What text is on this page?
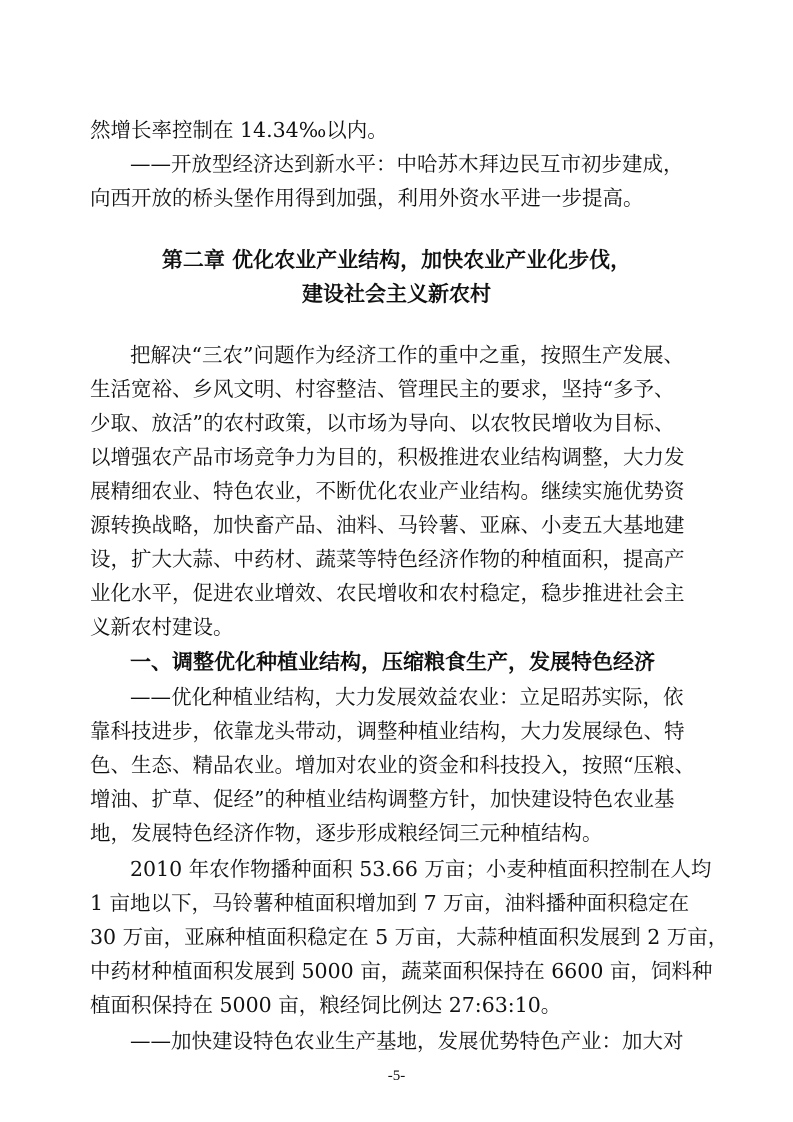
然增长率控制在 14.34‰以内。
——开放型经济达到新水平：中哈苏木拜边民互市初步建成，
向西开放的桥头堡作用得到加强，利用外资水平进一步提高。
第二章 优化农业产业结构，加快农业产业化步伐，
建设社会主义新农村
把解决“三农”问题作为经济工作的重中之重，按照生产发展、
生活宽裕、乡风文明、村容整洁、管理民主的要求，坚持“多予、
少取、放活”的农村政策，以市场为导向、以农牧民增收为目标、
以增强农产品市场竞争力为目的，积极推进农业结构调整，大力发
展精细农业、特色农业，不断优化农业产业结构。继续实施优势资
源转换战略，加快畜产品、油料、马铃薯、亚麻、小麦五大基地建
设，扩大大蒜、中药材、蔬菜等特色经济作物的种植面积，提高产
业化水平，促进农业增效、农民增收和农村稳定，稳步推进社会主
义新农村建设。
一、调整优化种植业结构，压缩粮食生产，发展特色经济
——优化种植业结构，大力发展效益农业：立足昭苏实际，依
靠科技进步，依靠龙头带动，调整种植业结构，大力发展绿色、特
色、生态、精品农业。增加对农业的资金和科技投入，按照“压粮、
增油、扩草、促经”的种植业结构调整方针，加快建设特色农业基
地，发展特色经济作物，逐步形成粮经饲三元种植结构。
2010 年农作物播种面积 53.66 万亩；小麦种植面积控制在人均
1 亩地以下，马铃薯种植面积增加到 7 万亩，油料播种面积稳定在
30 万亩，亚麻种植面积稳定在 5 万亩，大蒜种植面积发展到 2 万亩，
中药材种植面积发展到 5000 亩，蔬菜面积保持在 6600 亩，饲料种
植面积保持在 5000 亩，粮经饲比例达 27:63:10。
——加快建设特色农业生产基地，发展优势特色产业：加大对
-5-
